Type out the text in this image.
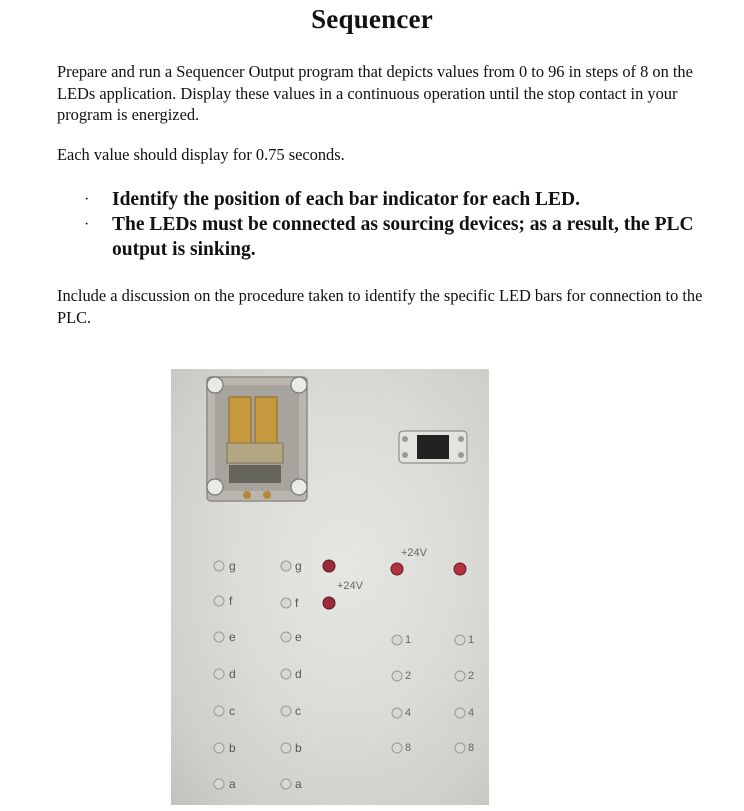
Sequencer
Prepare and run a Sequencer Output program that depicts values from 0 to 96 in steps of 8 on the LEDs application. Display these values in a continuous operation until the stop contact in your program is energized.
Each value should display for 0.75 seconds.
· Identify the position of each bar indicator for each LED.
· The LEDs must be connected as sourcing devices; as a result, the PLC output is sinking.
Include a discussion on the procedure taken to identify the specific LED bars for connection to the PLC.
2, L
g
f
e
d
c
b
a
g
f
e
d
c
b
a
+24V
+24V
1
2
4
8
1
2
4
8
